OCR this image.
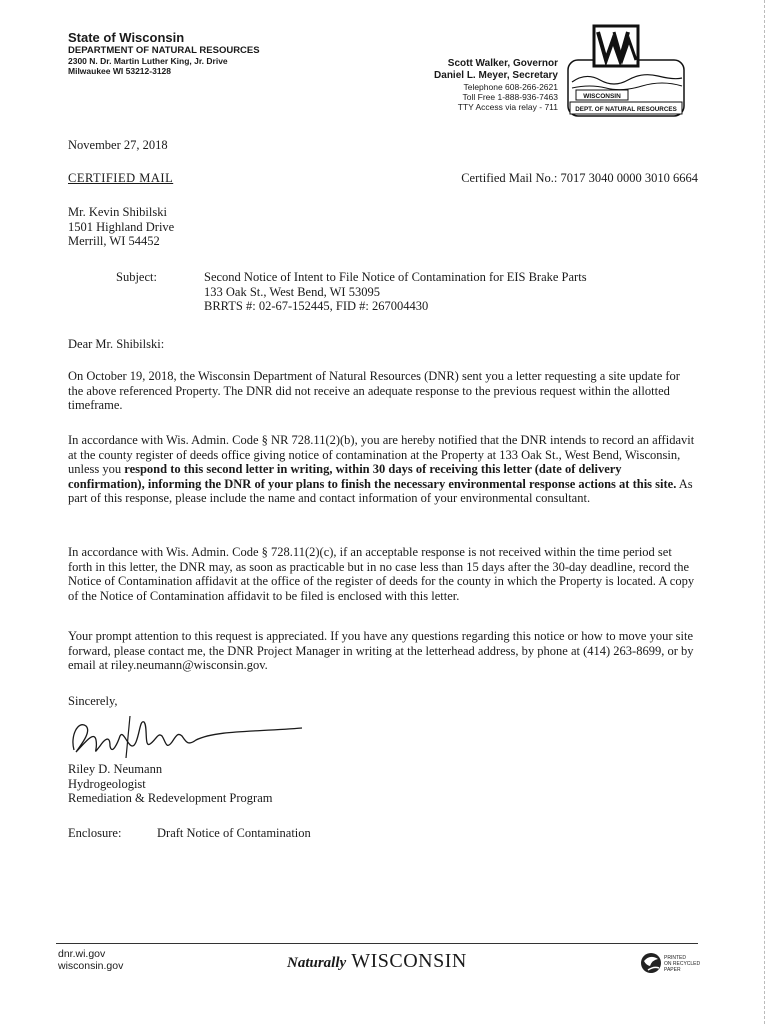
State of Wisconsin
DEPARTMENT OF NATURAL RESOURCES
2300 N. Dr. Martin Luther King, Jr. Drive
Milwaukee WI 53212-3128
Scott Walker, Governor
Daniel L. Meyer, Secretary
Telephone 608-266-2621
Toll Free 1-888-936-7463
TTY Access via relay - 711
WISCONSIN
DEPT. OF NATURAL RESOURCES
November 27, 2018
CERTIFIED MAIL	Certified Mail No.: 7017 3040 0000 3010 6664
Mr. Kevin Shibilski
1501 Highland Drive
Merrill, WI 54452
Subject:	Second Notice of Intent to File Notice of Contamination for EIS Brake Parts
133 Oak St., West Bend, WI 53095
BRRTS #: 02-67-152445, FID #: 267004430
Dear Mr. Shibilski:

On October 19, 2018, the Wisconsin Department of Natural Resources (DNR) sent you a letter requesting a site update for the above referenced Property. The DNR did not receive an adequate response to the previous request within the allotted timeframe.

In accordance with Wis. Admin. Code § NR 728.11(2)(b), you are hereby notified that the DNR intends to record an affidavit at the county register of deeds office giving notice of contamination at the Property at 133 Oak St., West Bend, Wisconsin, unless you respond to this second letter in writing, within 30 days of receiving this letter (date of delivery confirmation), informing the DNR of your plans to finish the necessary environmental response actions at this site. As part of this response, please include the name and contact information of your environmental consultant.

In accordance with Wis. Admin. Code § 728.11(2)(c), if an acceptable response is not received within the time period set forth in this letter, the DNR may, as soon as practicable but in no case less than 15 days after the 30-day deadline, record the Notice of Contamination affidavit at the office of the register of deeds for the county in which the Property is located. A copy of the Notice of Contamination affidavit to be filed is enclosed with this letter.

Your prompt attention to this request is appreciated. If you have any questions regarding this notice or how to move your site forward, please contact me, the DNR Project Manager in writing at the letterhead address, by phone at (414) 263-8699, or by email at riley.neumann@wisconsin.gov.

Sincerely,
Riley D. Neumann
Hydrogeologist
Remediation & Redevelopment Program
Enclosure:	Draft Notice of Contamination
dnr.wi.gov
wisconsin.gov	Naturally WISCONSIN	PRINTED
ON RECYCLED
PAPER
